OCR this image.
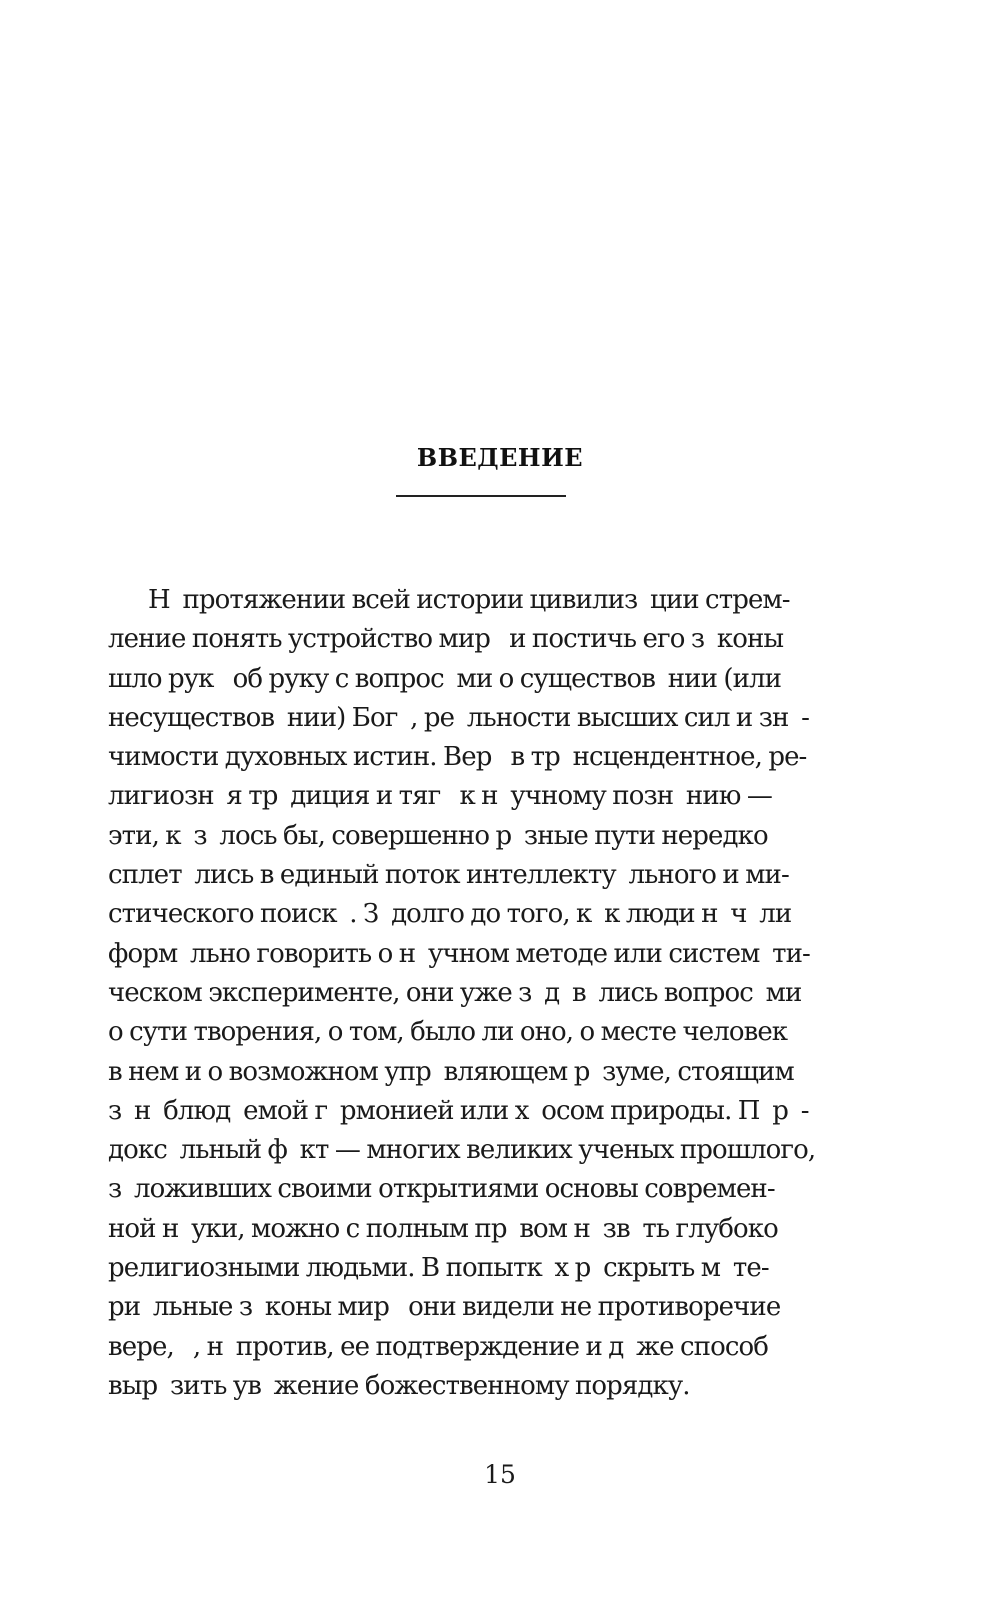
ВВЕДЕНИЕ
Н  протяжении всей истории цивилиз  ции стрем-
ление понять устройство мир   и постичь его з  коны
шло рук   об руку с вопрос  ми о существов  нии (или
несуществов  нии) Бог  , ре  льности высших сил и зн  -
чимости духовных истин. Вер   в тр  нсцендентное, ре-
лигиозн  я тр  диция и тяг   к н  учному позн  нию —
эти, к  з  лось бы, совершенно р  зные пути нередко
сплет  лись в единый поток интеллекту  льного и ми-
стического поиск  . З  долго до того, к  к люди н  ч  ли
форм  льно говорить о н  учном методе или систем  ти-
ческом эксперименте, они уже з  д  в  лись вопрос  ми
о сути творения, о том, было ли оно, о месте человек
в нем и о возможном упр  вляющем р  зуме, стоящим
з  н  блюд  емой г  рмонией или х  осом природы. П  р  -
докс  льный ф  кт — многих великих ученых прошлого,
з  ложивших своими открытиями основы современ-
ной н  уки, можно с полным пр  вом н  зв  ть глубоко
религиозными людьми. В попытк  х р  скрыть м  те-
ри  льные з  коны мир   они видели не противоречие
вере,   , н  против, ее подтверждение и д  же способ
выр  зить ув  жение божественному порядку.
15
